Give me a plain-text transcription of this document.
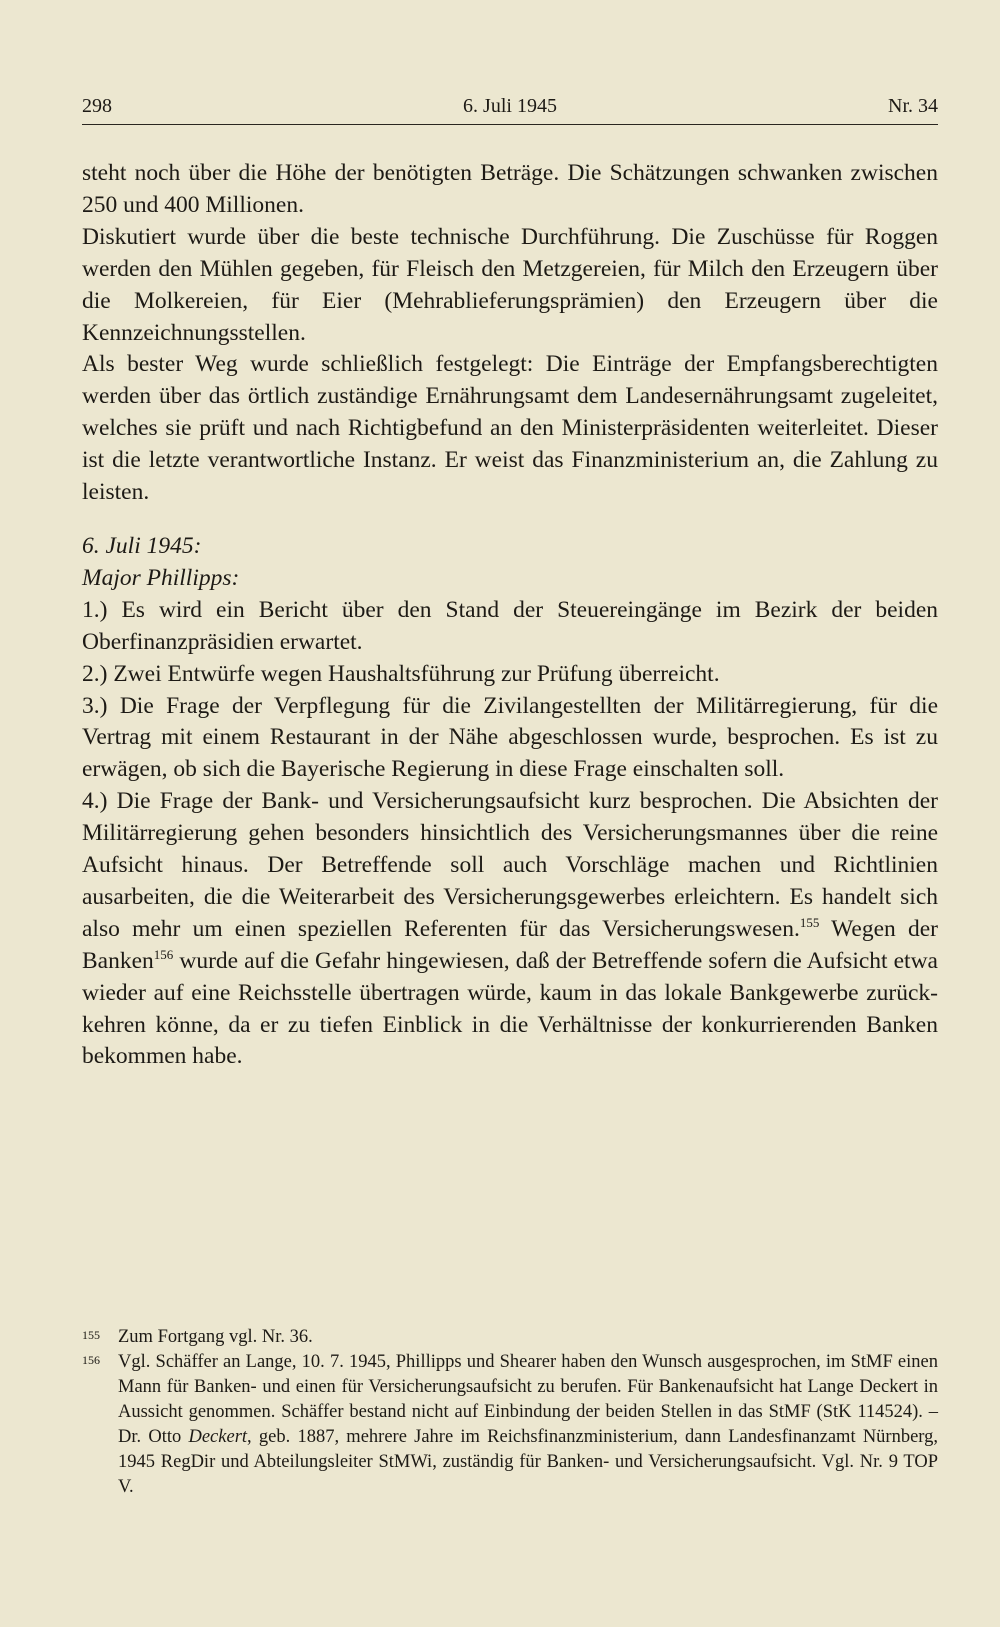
298	6. Juli 1945	Nr. 34

steht noch über die Höhe der benötigten Beträge. Die Schätzungen schwanken zwischen 250 und 400 Millionen.

Diskutiert wurde über die beste technische Durchführung. Die Zuschüsse für Roggen werden den Mühlen gegeben, für Fleisch den Metzgereien, für Milch den Erzeugern über die Molkereien, für Eier (Mehrablieferungsprämien) den Erzeugern über die Kennzeichnungsstellen.

Als bester Weg wurde schließlich festgelegt: Die Einträge der Empfangsberechtigten werden über das örtlich zuständige Ernährungsamt dem Landesernährungsamt zugeleitet, welches sie prüft und nach Richtigbefund an den Ministerpräsidenten weiterleitet. Dieser ist die letzte verantwortliche Instanz. Er weist das Finanzministerium an, die Zahlung zu leisten.

6. Juli 1945:

Major Phillipps:

1.) Es wird ein Bericht über den Stand der Steuereingänge im Bezirk der beiden Oberfinanzpräsidien erwartet.

2.) Zwei Entwürfe wegen Haushaltsführung zur Prüfung überreicht.

3.) Die Frage der Verpflegung für die Zivilangestellten der Militärregierung, für die Vertrag mit einem Restaurant in der Nähe abgeschlossen wurde, besprochen. Es ist zu erwägen, ob sich die Bayerische Regierung in diese Frage einschalten soll.

4.) Die Frage der Bank- und Versicherungsaufsicht kurz besprochen. Die Absichten der Militärregierung gehen besonders hinsichtlich des Versicherungsmannes über die reine Aufsicht hinaus. Der Betreffende soll auch Vorschläge machen und Richtlinien ausarbeiten, die die Weiterarbeit des Versicherungsgewerbes erleichtern. Es handelt sich also mehr um einen speziellen Referenten für das Versicherungswesen.$^{155}$ Wegen der Banken$^{156}$ wurde auf die Gefahr hingewiesen, daß der Betreffende sofern die Aufsicht etwa wieder auf eine Reichsstelle übertragen würde, kaum in das lokale Bankgewerbe zurückkehren könne, da er zu tiefen Einblick in die Verhältnisse der konkurrierenden Banken bekommen habe.

155 Zum Fortgang vgl. Nr. 36.
156 Vgl. Schäffer an Lange, 10. 7. 1945, Phillipps und Shearer haben den Wunsch ausgesprochen, im StMF einen Mann für Banken- und einen für Versicherungsaufsicht zu berufen. Für Bankenaufsicht hat Lange Deckert in Aussicht genommen. Schäffer bestand nicht auf Einbindung der beiden Stellen in das StMF (StK 114524). – Dr. Otto Deckert, geb. 1887, mehrere Jahre im Reichsfinanzministerium, dann Landesfinanzamt Nürnberg, 1945 RegDir und Abteilungsleiter StMWi, zuständig für Banken- und Versicherungsaufsicht. Vgl. Nr. 9 TOP V.
